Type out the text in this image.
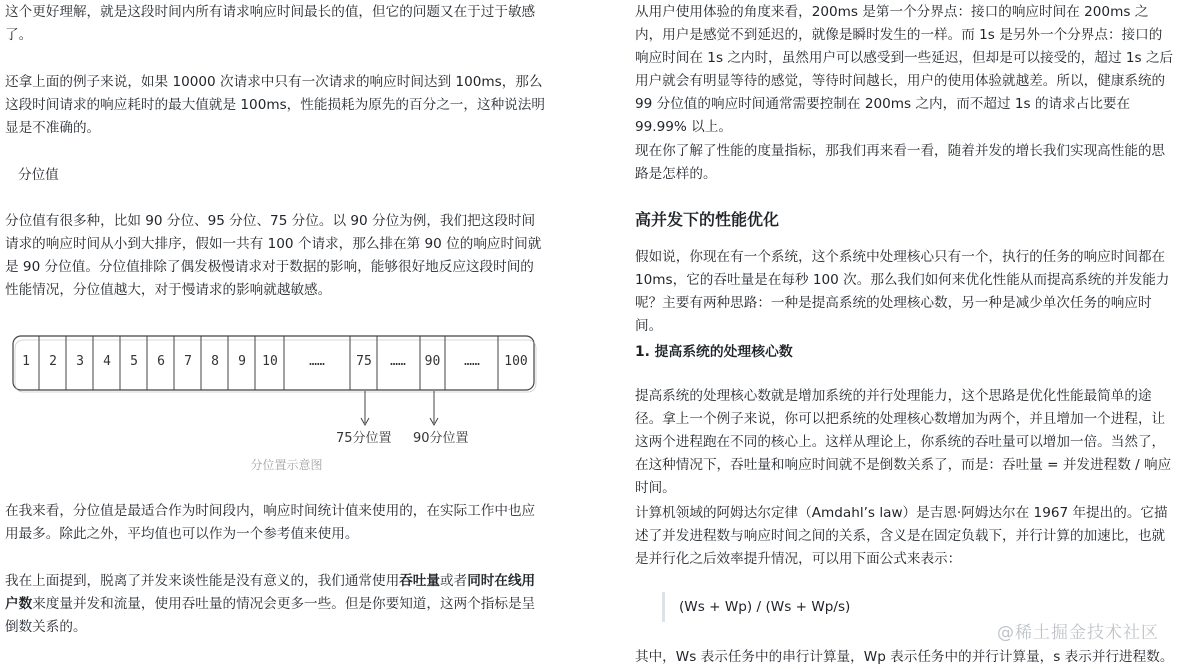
这个更好理解，就是这段时间内所有请求响应时间最长的值，但它的问题又在于过于敏感了。

还拿上面的例子来说，如果 10000 次请求中只有一次请求的响应时间达到 100ms，那么这段时间请求的响应耗时的最大值就是 100ms，性能损耗为原先的百分之一，这种说法明显是不准确的。

分位值

分位值有很多种，比如 90 分位、95 分位、75 分位。以 90 分位为例，我们把这段时间请求的响应时间从小到大排序，假如一共有 100 个请求，那么排在第 90 位的响应时间就是 90 分位值。分位值排除了偶发极慢请求对于数据的影响，能够很好地反应这段时间的性能情况，分位值越大，对于慢请求的影响就越敏感。

1	2	3	4	5	6	7	8	9	10	……	75	……	90	……	100
75分位置 90分位置
分位置示意图

在我来看，分位值是最适合作为时间段内，响应时间统计值来使用的，在实际工作中也应用最多。除此之外，平均值也可以作为一个参考值来使用。

我在上面提到，脱离了并发来谈性能是没有意义的，我们通常使用吞吐量或者同时在线用户数来度量并发和流量，使用吞吐量的情况会更多一些。但是你要知道，这两个指标是呈倒数关系的。

从用户使用体验的角度来看，200ms 是第一个分界点：接口的响应时间在 200ms 之内，用户是感觉不到延迟的，就像是瞬时发生的一样。而 1s 是另外一个分界点：接口的响应时间在 1s 之内时，虽然用户可以感受到一些延迟，但却是可以接受的，超过 1s 之后用户就会有明显等待的感觉，等待时间越长，用户的使用体验就越差。所以，健康系统的 99 分位值的响应时间通常需要控制在 200ms 之内，而不超过 1s 的请求占比要在 99.99% 以上。

现在你了解了性能的度量指标，那我们再来看一看，随着并发的增长我们实现高性能的思路是怎样的。

高并发下的性能优化

假如说，你现在有一个系统，这个系统中处理核心只有一个，执行的任务的响应时间都在 10ms，它的吞吐量是在每秒 100 次。那么我们如何来优化性能从而提高系统的并发能力呢？主要有两种思路：一种是提高系统的处理核心数，另一种是减少单次任务的响应时间。

1. 提高系统的处理核心数

提高系统的处理核心数就是增加系统的并行处理能力，这个思路是优化性能最简单的途径。拿上一个例子来说，你可以把系统的处理核心数增加为两个，并且增加一个进程，让这两个进程跑在不同的核心上。这样从理论上，你系统的吞吐量可以增加一倍。当然了，在这种情况下，吞吐量和响应时间就不是倒数关系了，而是：吞吐量 = 并发进程数 / 响应时间。

计算机领域的阿姆达尔定律（Amdahl’s law）是吉恩·阿姆达尔在 1967 年提出的。它描述了并发进程数与响应时间之间的关系，含义是在固定负载下，并行计算的加速比，也就是并行化之后效率提升情况，可以用下面公式来表示：

其中，Ws 表示任务中的串行计算量，Wp 表示任务中的并行计算量，s 表示并行进程数。

(Ws + Wp) / (Ws + Wp/s)
@稀土掘金技术社区
